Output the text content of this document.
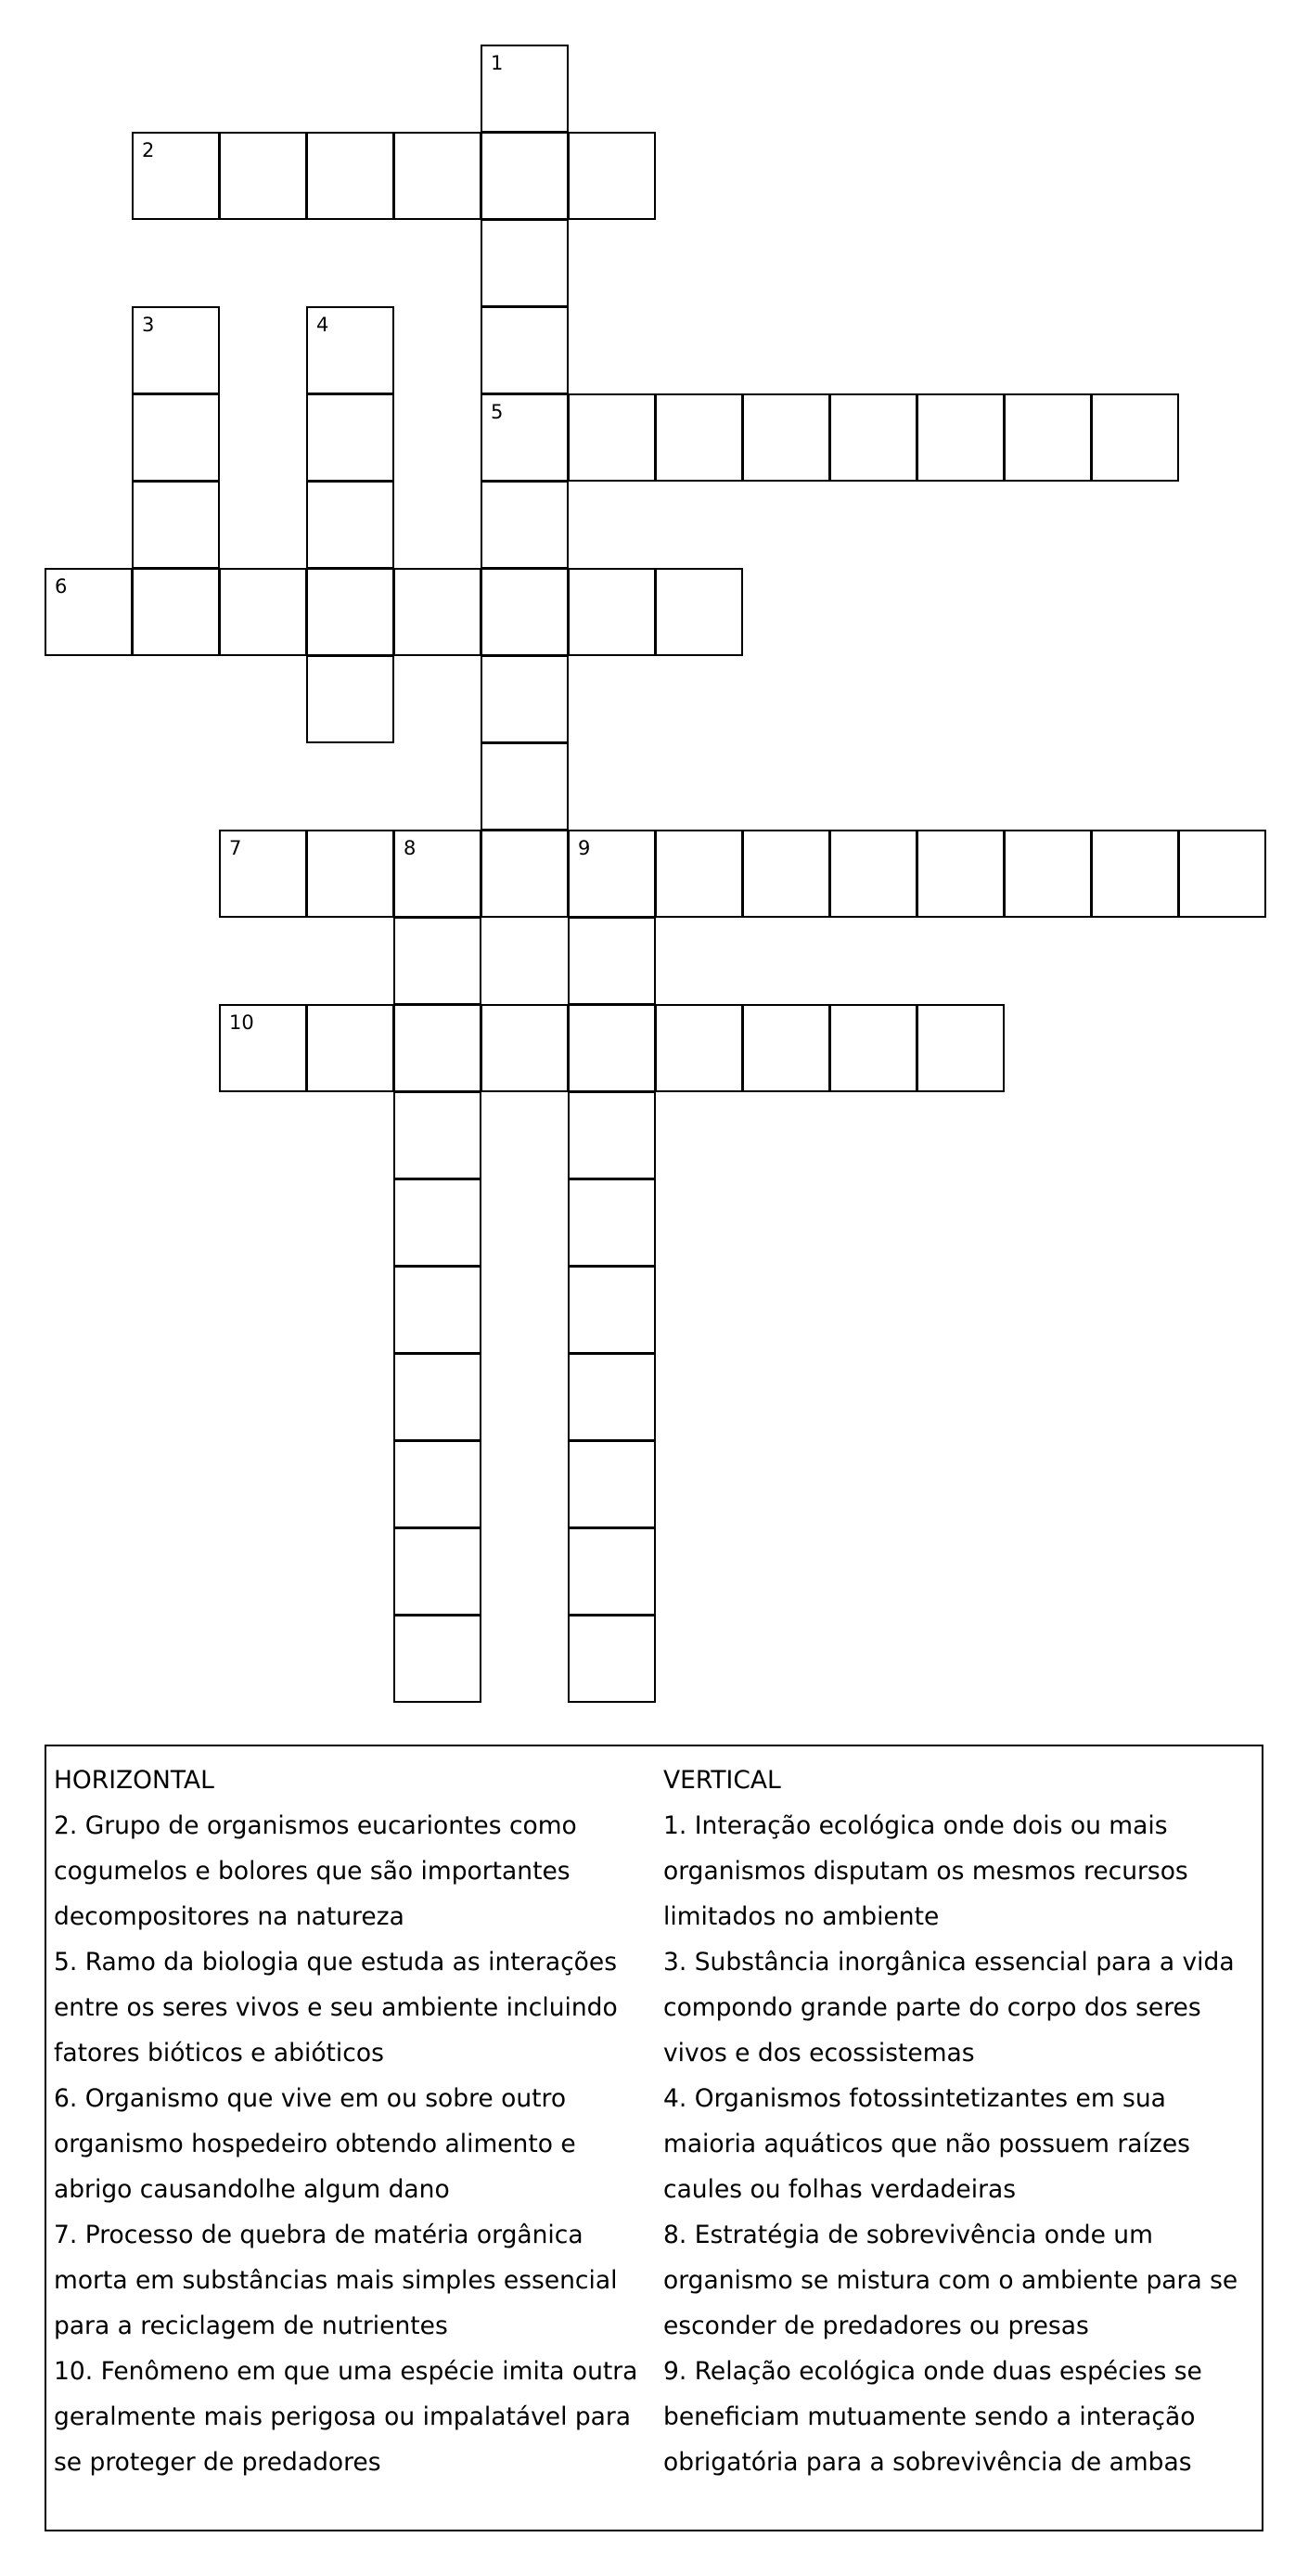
1
5
2
3	4
6
7	8	9
10

HORIZONTAL

2. Grupo de organismos eucariontes como

cogumelos e bolores que são importantes

decompositores na natureza

5. Ramo da biologia que estuda as interações

entre os seres vivos e seu ambiente incluindo

fatores bióticos e abióticos

6. Organismo que vive em ou sobre outro

organismo hospedeiro obtendo alimento e

abrigo causandolhe algum dano

7. Processo de quebra de matéria orgânica

morta em substâncias mais simples essencial

para a reciclagem de nutrientes

10. Fenômeno em que uma espécie imita outra

geralmente mais perigosa ou impalatável para

se proteger de predadores

VERTICAL

1. Interação ecológica onde dois ou mais

organismos disputam os mesmos recursos

limitados no ambiente

3. Substância inorgânica essencial para a vida

compondo grande parte do corpo dos seres

vivos e dos ecossistemas

4. Organismos fotossintetizantes em sua

maioria aquáticos que não possuem raízes

caules ou folhas verdadeiras

8. Estratégia de sobrevivência onde um

organismo se mistura com o ambiente para se

esconder de predadores ou presas

9. Relação ecológica onde duas espécies se

beneficiam mutuamente sendo a interação

obrigatória para a sobrevivência de ambas
